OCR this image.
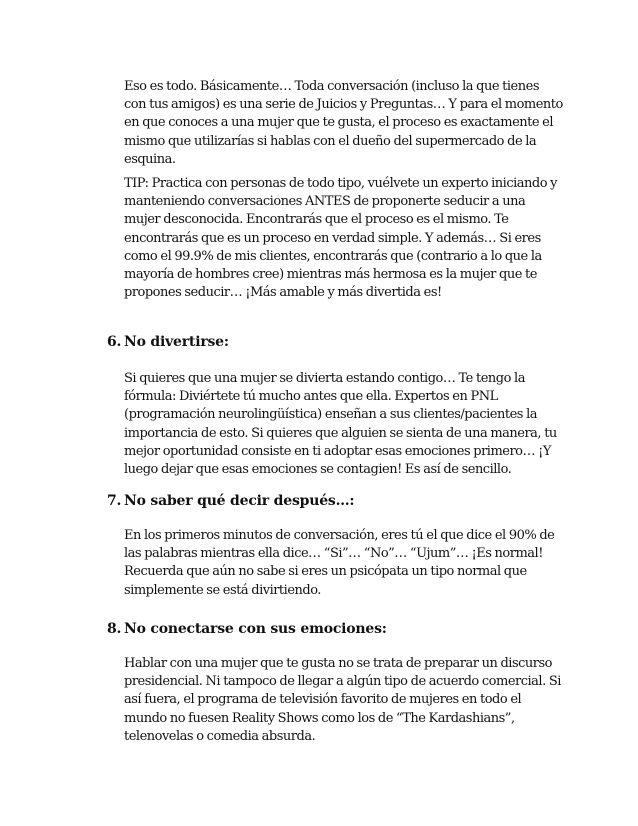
Eso es todo. Básicamente… Toda conversación (incluso la que tienes con tus amigos) es una serie de Juicios y Preguntas… Y para el momento en que conoces a una mujer que te gusta, el proceso es exactamente el mismo que utilizarías si hablas con el dueño del supermercado de la esquina.

TIP: Practica con personas de todo tipo, vuélvete un experto iniciando y manteniendo conversaciones ANTES de proponerte seducir a una mujer desconocida. Encontrarás que el proceso es el mismo. Te encontrarás que es un proceso en verdad simple. Y además… Si eres como el 99.9% de mis clientes, encontrarás que (contrario a lo que la mayoría de hombres cree) mientras más hermosa es la mujer que te propones seducir… ¡Más amable y más divertida es!

6. No divertirse:

Si quieres que una mujer se divierta estando contigo… Te tengo la fórmula: Diviértete tú mucho antes que ella. Expertos en PNL (programación neurolingüística) enseñan a sus clientes/pacientes la importancia de esto. Si quieres que alguien se sienta de una manera, tu mejor oportunidad consiste en ti adoptar esas emociones primero… ¡Y luego dejar que esas emociones se contagien! Es así de sencillo.

7. No saber qué decir después…:

En los primeros minutos de conversación, eres tú el que dice el 90% de las palabras mientras ella dice… “Si”… “No”… “Ujum”… ¡Es normal! Recuerda que aún no sabe si eres un psicópata un tipo normal que simplemente se está divirtiendo.

8. No conectarse con sus emociones:

Hablar con una mujer que te gusta no se trata de preparar un discurso presidencial. Ni tampoco de llegar a algún tipo de acuerdo comercial. Si así fuera, el programa de televisión favorito de mujeres en todo el mundo no fuesen Reality Shows como los de “The Kardashians”, telenovelas o comedia absurda.
